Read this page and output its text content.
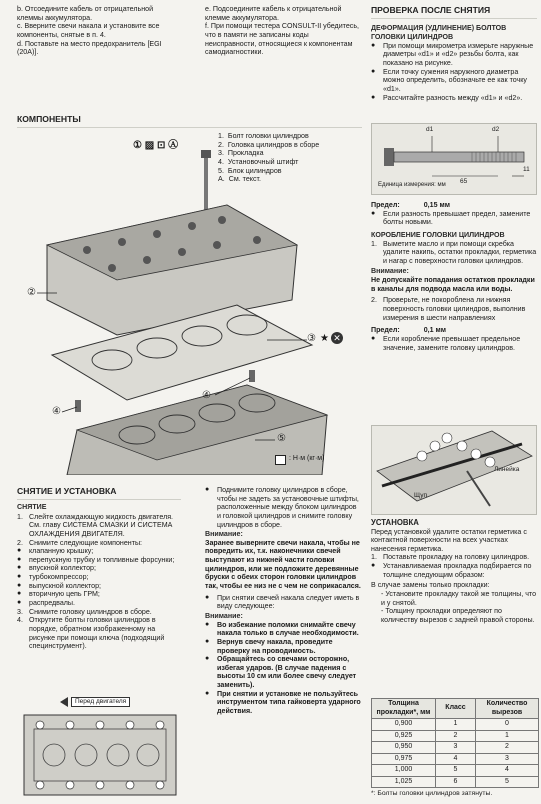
b. Отсоедините кабель от отрицательной клеммы аккумулятора.

c. Вверните свечи накала и установите все компоненты, снятые в п. 4.

d. Поставьте на место предохранитель [EGI (20A)].

e. Подсоедините кабель к отрицательной клемме аккумулятора.

f. При помощи тестера CONSULT-II убедитесь, что в памяти не записаны коды неисправности, относящиеся к компонентам самодиагностики.

КОМПОНЕНТЫ
① ▨ ⊡ Ⓐ
1. Болт головки цилиндров
2. Головка цилиндров в сборе
3. Прокладка
4. Установочный штифт
5. Блок цилиндров
A. См. текст.
②
③ ★ ✕
④
④
⑤
: Н·м (кг·м)
СНЯТИЕ И УСТАНОВКА
СНЯТИЕ
1. Слейте охлаждающую жидкость двигателя. См. главу СИСТЕМА СМАЗКИ И СИСТЕМА ОХЛАЖДЕНИЯ ДВИГАТЕЛЯ.
2. Снимите следующие компоненты:
● клапанную крышку;
● перепускную трубку и топливные форсунки;
● впускной коллектор;
● турбокомпрессор;
● выпускной коллектор;
● вторичную цепь ГРМ;
● распредвалы.
3. Снимите головку цилиндров в сборе.
4. Открутите болты головки цилиндров в порядке, обратном изображенному на рисунке при помощи ключа (подходящий специнструмент).
Перед двигателя
● Поднимите головку цилиндров в сборе, чтобы не задеть за установочные штифты, расположенные между блоком цилиндров и головкой цилиндров и снимите головку цилиндров в сборе.
Внимание:

Заранее выверните свечи накала, чтобы не повредить их, т.к. наконечники свечей выступают из нижней части головки цилиндров, или же подложите деревянные бруски с обеих сторон головки цилиндров так, чтобы ее низ не с чем не соприкасался.

● При снятии свечей накала следует иметь в виду следующее:
Внимание:
● Во избежание поломки снимайте свечу накала только в случае необходимости.
● Вернув свечу накала, проведите проверку на проводимость.
● Обращайтесь со свечами осторожно, избегая ударов. (В случае падения с высоты 10 см или более свечу следует заменить).
● При снятии и установке не пользуйтесь инструментом типа гайковерта ударного действия.
ПРОВЕРКА ПОСЛЕ СНЯТИЯ
ДЕФОРМАЦИЯ (УДЛИНЕНИЕ) БОЛТОВ ГОЛОВКИ ЦИЛИНДРОВ
● При помощи микрометра измерьте наружные диаметры «d1» и «d2» резьбы болта, как показано на рисунке.
● Если точку сужения наружного диаметра можно определить, обозначьте ее как точку «d1».
● Рассчитайте разность между «d1» и «d2».
d1	d2
65
11
Единица измерения: мм
Предел:	0,15 мм
● Если разность превышает предел, замените болты новыми.
КОРОБЛЕНИЕ ГОЛОВКИ ЦИЛИНДРОВ
1. Выметите масло и при помощи скребка удалите накипь, остатки прокладки, герметика и нагар с поверхности головки цилиндров.
Внимание:

Не допускайте попадания остатков прокладки в каналы для подвода масла или воды.

2. Проверьте, не покороблена ли нижняя поверхность головки цилиндров, выполнив измерения в шести направлениях
Предел:	0,1 мм
● Если коробление превышает предельное значение, замените головку цилиндров.
Линейка
Щуп
УСТАНОВКА

Перед установкой удалите остатки герметика с контактной поверхности на всех участках нанесения герметика.

1. Поставьте прокладку на головку цилиндров.
● Устанавливаемая прокладка подбирается по толщине следующим образом:

В случае замены только прокладки:

- Установите прокладку такой же толщины, что и у снятой.

- Толщину прокладки определяют по количеству вырезов с задней правой стороны.

Толщина прокладки*, мм	Класс	Количество вырезов
0,900	1	0
0,925	2	1
0,950	3	2
0,975	4	3
1,000	5	4
1,025	6	5
*: Болты головки цилиндров затянуты.
